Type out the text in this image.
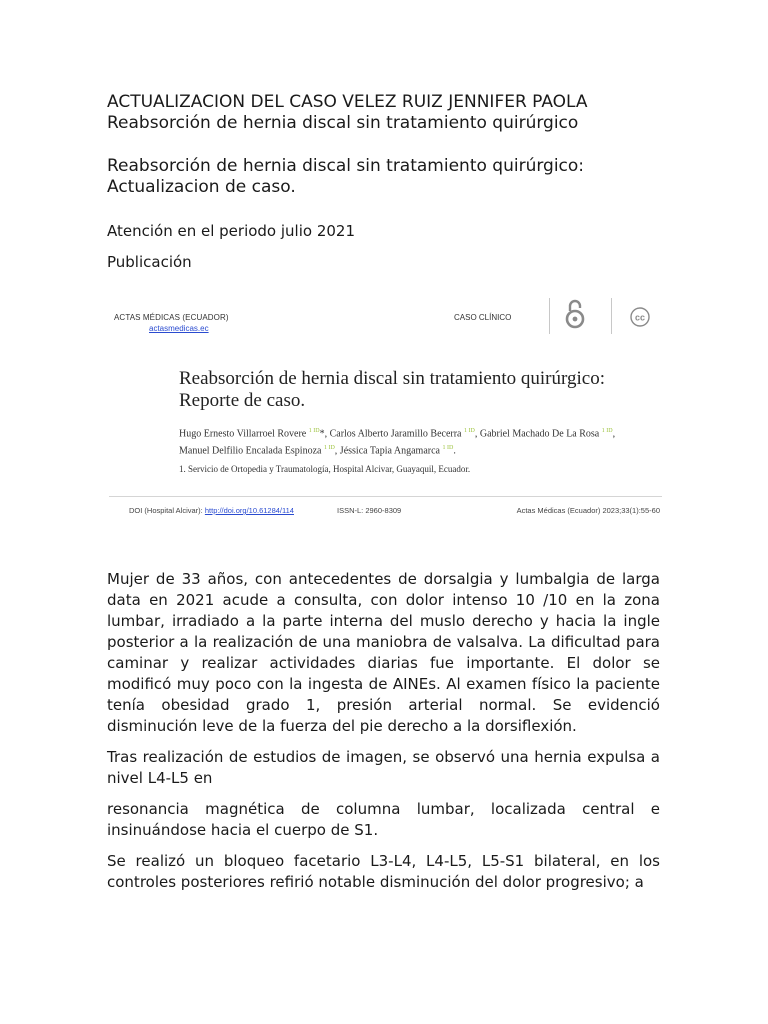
ACTUALIZACION DEL CASO VELEZ RUIZ JENNIFER PAOLA Reabsorción de hernia discal sin tratamiento quirúrgico
Reabsorción de hernia discal sin tratamiento quirúrgico: Actualizacion de caso.

Atención en el periodo julio 2021

Publicación

ACTAS MÉDICAS (ECUADOR)
actasmedicas.ec
CASO CLÍNICO	cc
Reabsorción de hernia discal sin tratamiento quirúrgico: Reporte de caso.
Hugo Ernesto Villarroel Rovere $^{1 ID}$*, Carlos Alberto Jaramillo Becerra $^{1 ID}$, Gabriel Machado De La Rosa $^{1 ID}$, Manuel Delfilio Encalada Espinoza $^{1 ID}$, Jéssica Tapia Angamarca $^{1 ID}$.
1. Servicio de Ortopedia y Traumatología, Hospital Alcivar, Guayaquil, Ecuador.
DOI (Hospital Alcivar): http://doi.org/10.61284/114	ISSN-L: 2960-8309	Actas Médicas (Ecuador) 2023;33(1):55-60

Mujer de 33 años, con antecedentes de dorsalgia y lumbalgia de larga data en 2021 acude a consulta, con dolor intenso 10 /10 en la zona lumbar, irradiado a la parte interna del muslo derecho y hacia la ingle posterior a la realización de una maniobra de valsalva. La dificultad para caminar y realizar actividades diarias fue importante. El dolor se modificó muy poco con la ingesta de AINEs. Al examen físico la paciente tenía obesidad grado 1, presión arterial normal. Se evidenció disminución leve de la fuerza del pie derecho a la dorsiflexión.

Tras realización de estudios de imagen, se observó una hernia expulsa a nivel L4-L5 en

resonancia magnética de columna lumbar, localizada central e insinuándose hacia el cuerpo de S1.

Se realizó un bloqueo facetario L3-L4, L4-L5, L5-S1 bilateral, en los controles posteriores refirió notable disminución del dolor progresivo; a
